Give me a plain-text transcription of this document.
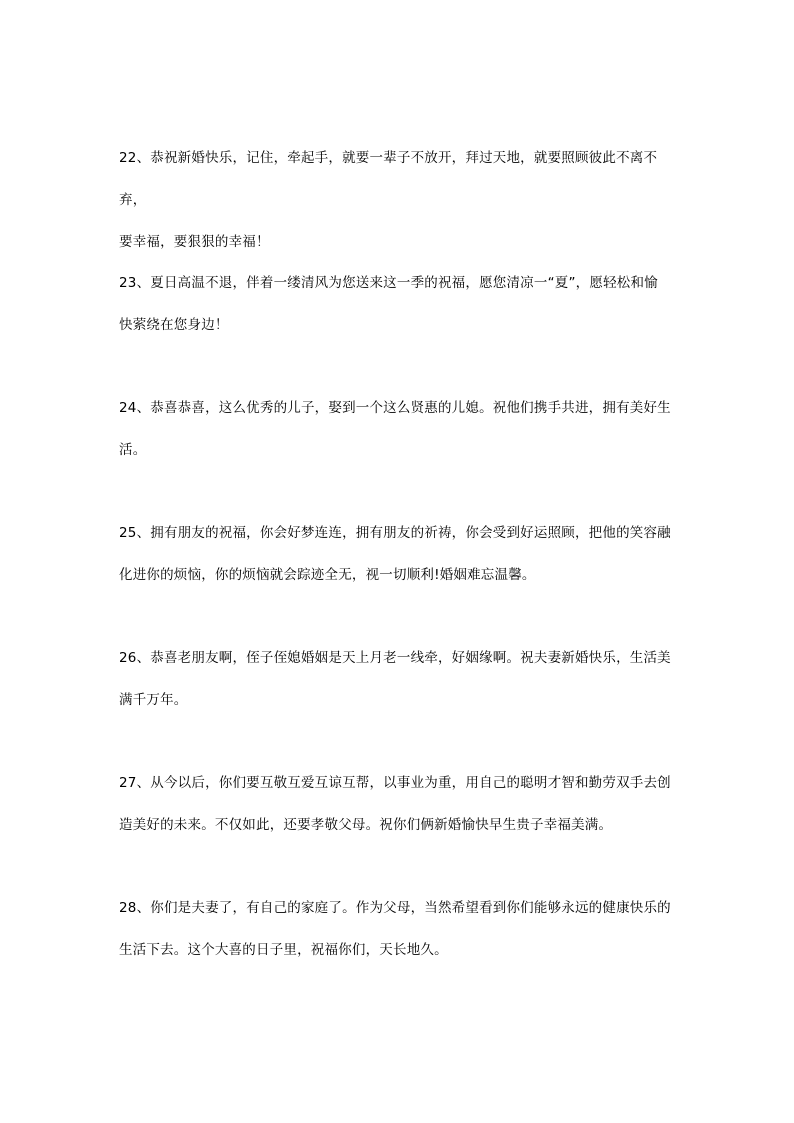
22、恭祝新婚快乐，记住，牵起手，就要一辈子不放开，拜过天地，就要照顾彼此不离不弃，
要幸福，要狠狠的幸福！
23、夏日高温不退，伴着一缕清风为您送来这一季的祝福，愿您清凉一“夏”，愿轻松和愉
快萦绕在您身边！
24、恭喜恭喜，这么优秀的儿子，娶到一个这么贤惠的儿媳。祝他们携手共进，拥有美好生
活。
25、拥有朋友的祝福，你会好梦连连，拥有朋友的祈祷，你会受到好运照顾，把他的笑容融
化进你的烦恼，你的烦恼就会踪迹全无，视一切顺利!婚姻难忘温馨。
26、恭喜老朋友啊，侄子侄媳婚姻是天上月老一线牵，好姻缘啊。祝夫妻新婚快乐，生活美
满千万年。
27、从今以后，你们要互敬互爱互谅互帮，以事业为重，用自己的聪明才智和勤劳双手去创
造美好的未来。不仅如此，还要孝敬父母。祝你们俩新婚愉快早生贵子幸福美满。
28、你们是夫妻了，有自己的家庭了。作为父母，当然希望看到你们能够永远的健康快乐的
生活下去。这个大喜的日子里，祝福你们，天长地久。
